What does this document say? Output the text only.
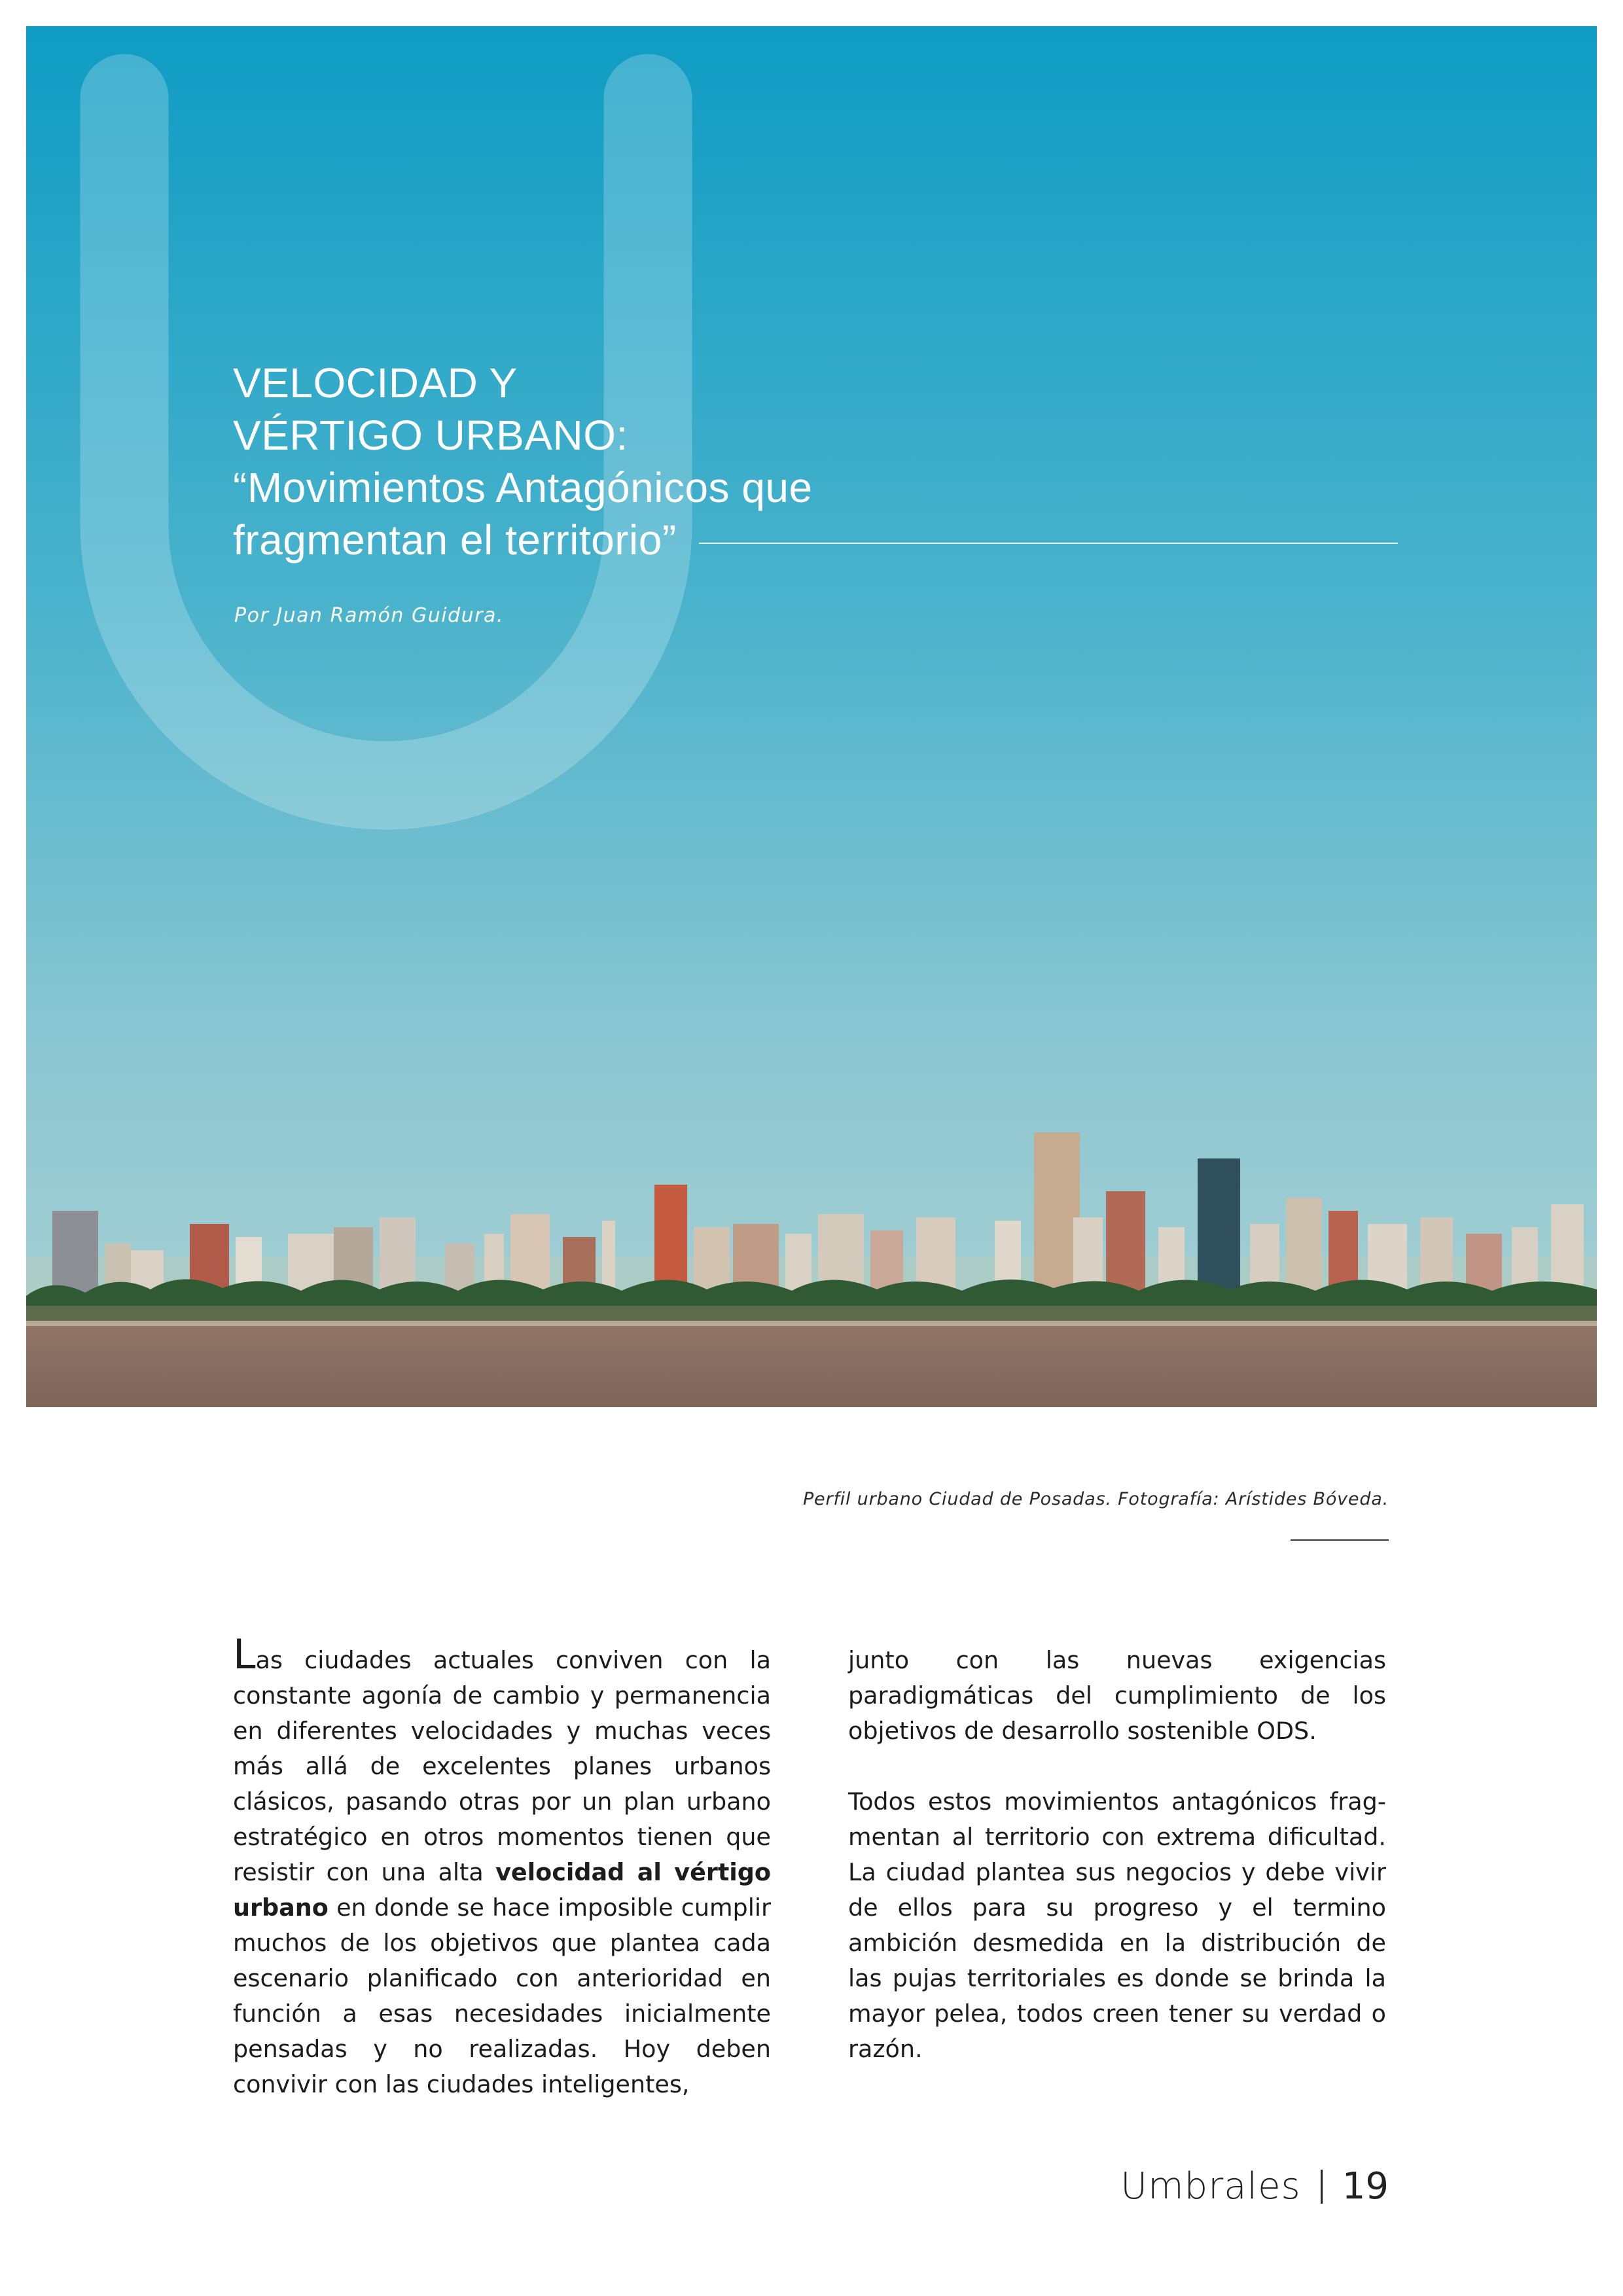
VELOCIDAD Y
VÉRTIGO URBANO:
“Movimientos Antagónicos que
fragmentan el territorio”
Por Juan Ramón Guidura.
Perfil urbano Ciudad de Posadas. Fotografía: Arístides Bóveda.

Las ciudades actuales conviven con la constante agonía de cambio y permanencia en diferentes velocidades y muchas veces más allá de excelentes planes urbanos clásicos, pasando otras por un plan urbano estratégico en otros momentos tienen que resistir con una alta velocidad al vértigo urbano en donde se hace imposible cumplir muchos de los objetivos que plantea cada escenario planificado con anterioridad en función a esas necesidades inicialmente pensadas y no realizadas. Hoy deben convivir con las ciudades inteligentes,

junto con las nuevas exigencias paradigmáticas del cumplimiento de los objetivos de desarrollo sostenible ODS.

Todos estos movimientos antagónicos frag-mentan al territorio con extrema dificultad. La ciudad plantea sus negocios y debe vivir de ellos para su progreso y el termino ambición desmedida en la distribución de las pujas territoriales es donde se brinda la mayor pelea, todos creen tener su verdad o razón.

Umbrales 19
